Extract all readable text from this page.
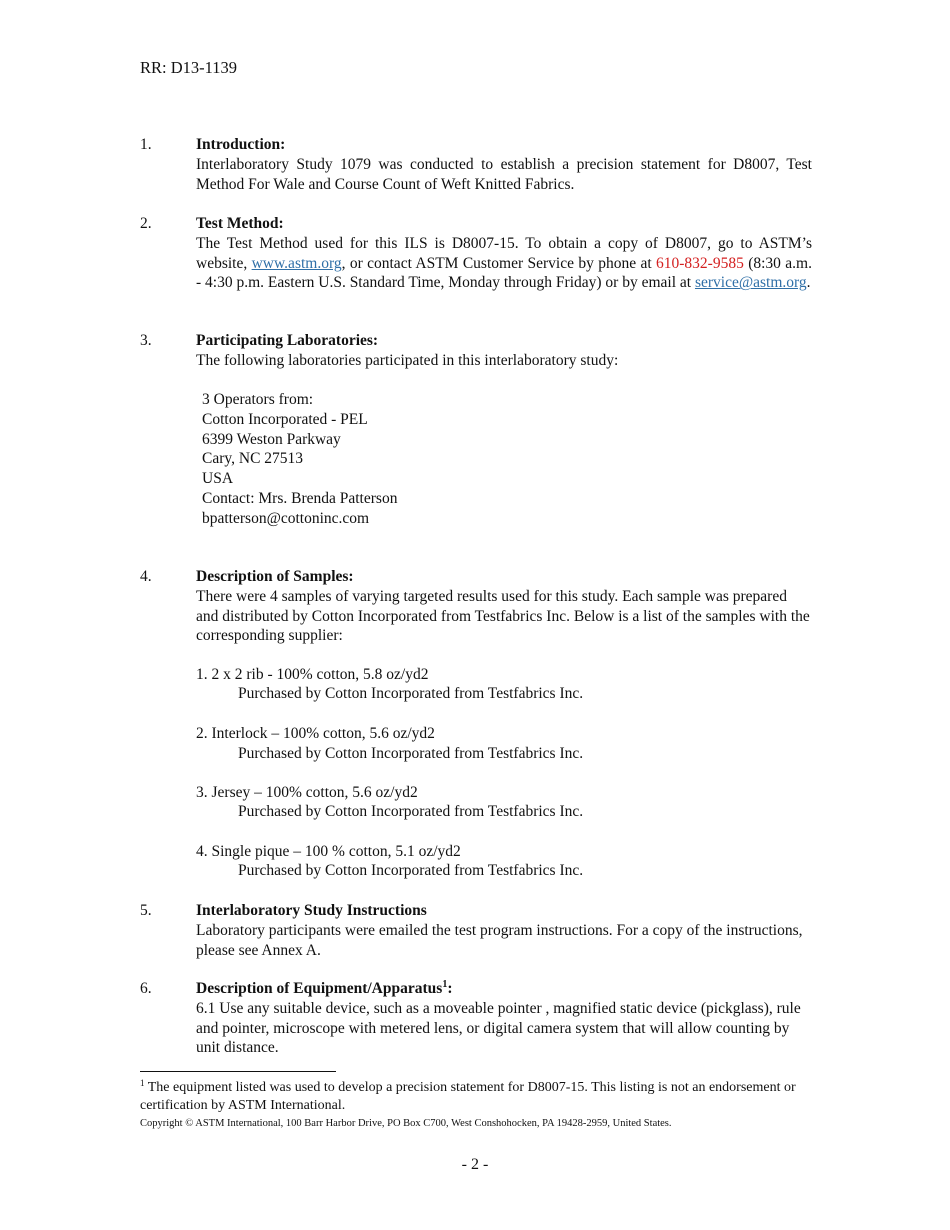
RR: D13-1139
1.	Introduction:
Interlaboratory Study 1079 was conducted to establish a precision statement for D8007, Test Method For Wale and Course Count of Weft Knitted Fabrics.
2.	Test Method:
The Test Method used for this ILS is D8007-15. To obtain a copy of D8007, go to ASTM’s website, www.astm.org, or contact ASTM Customer Service by phone at 610-832-9585 (8:30 a.m. - 4:30 p.m. Eastern U.S. Standard Time, Monday through Friday) or by email at service@astm.org.
3.	Participating Laboratories:
The following laboratories participated in this interlaboratory study:
3 Operators from:
Cotton Incorporated - PEL
6399 Weston Parkway
Cary, NC 27513
USA
Contact: Mrs. Brenda Patterson
bpatterson@cottoninc.com
4.	Description of Samples:
There were 4 samples of varying targeted results used for this study. Each sample was prepared and distributed by Cotton Incorporated from Testfabrics Inc. Below is a list of the samples with the corresponding supplier:
1. 2 x 2 rib - 100% cotton, 5.8 oz/yd2
Purchased by Cotton Incorporated from Testfabrics Inc.
2. Interlock – 100% cotton, 5.6 oz/yd2
Purchased by Cotton Incorporated from Testfabrics Inc.
3. Jersey – 100% cotton, 5.6 oz/yd2
Purchased by Cotton Incorporated from Testfabrics Inc.
4. Single pique – 100 % cotton, 5.1 oz/yd2
Purchased by Cotton Incorporated from Testfabrics Inc.
5.	Interlaboratory Study Instructions
Laboratory participants were emailed the test program instructions. For a copy of the instructions, please see Annex A.
6.	Description of Equipment/Apparatus$^1$:
6.1 Use any suitable device, such as a moveable pointer , magnified static device (pickglass), rule and pointer, microscope with metered lens, or digital camera system that will allow counting by unit distance.
$^1$ The equipment listed was used to develop a precision statement for D8007-15. This listing is not an endorsement or certification by ASTM International.
Copyright © ASTM International, 100 Barr Harbor Drive, PO Box C700, West Conshohocken, PA 19428-2959, United States.
- 2 -
